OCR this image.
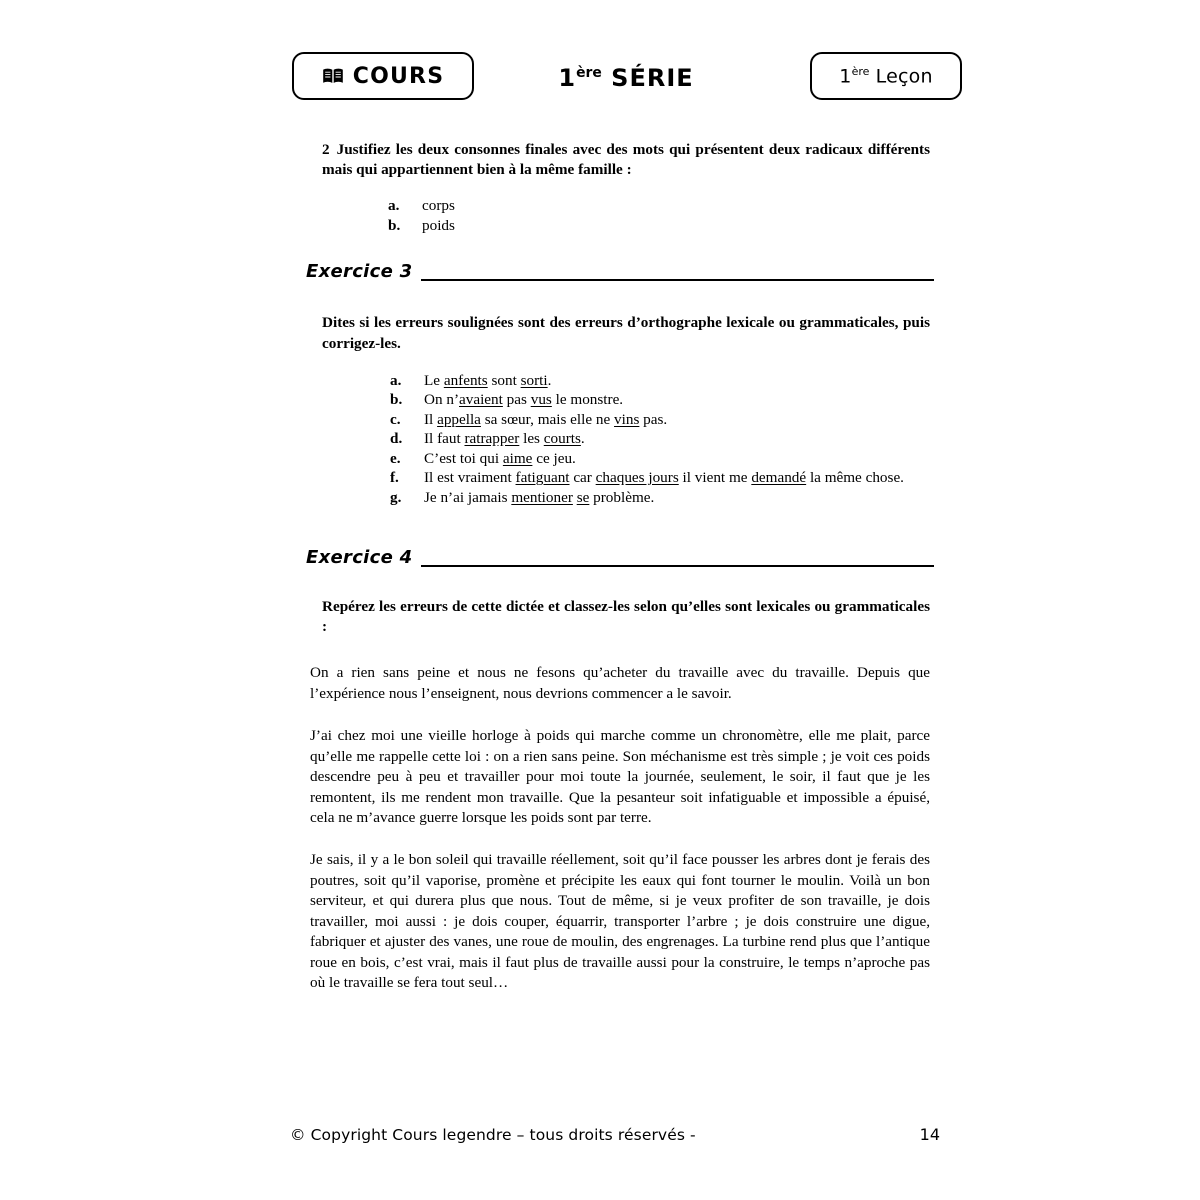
COURS	1ère SÉRIE	1ère Leçon

2 Justifiez les deux consonnes finales avec des mots qui présentent deux radicaux différents mais qui appartiennent bien à la même famille :

a.	corps
b.	poids
Exercice 3

Dites si les erreurs soulignées sont des erreurs d’orthographe lexicale ou grammaticales, puis corrigez-les.

a.	Le anfents sont sorti.
b.	On n’avaient pas vus le monstre.
c.	Il appella sa sœur, mais elle ne vins pas.
d.	Il faut ratrapper les courts.
e.	C’est toi qui aime ce jeu.
f.	Il est vraiment fatiguant car chaques jours il vient me demandé la même chose.
g.	Je n’ai jamais mentioner se problème.
Exercice 4

Repérez les erreurs de cette dictée et classez-les selon qu’elles sont lexicales ou grammaticales :

On a rien sans peine et nous ne fesons qu’acheter du travaille avec du travaille. Depuis que l’expérience nous l’enseignent, nous devrions commencer a le savoir.

J’ai chez moi une vieille horloge à poids qui marche comme un chronomètre, elle me plait, parce qu’elle me rappelle cette loi : on a rien sans peine. Son méchanisme est très simple ; je voit ces poids descendre peu à peu et travailler pour moi toute la journée, seulement, le soir, il faut que je les remontent, ils me rendent mon travaille. Que la pesanteur soit infatiguable et impossible a épuisé, cela ne m’avance guerre lorsque les poids sont par terre.

Je sais, il y a le bon soleil qui travaille réellement, soit qu’il face pousser les arbres dont je ferais des poutres, soit qu’il vaporise, promène et précipite les eaux qui font tourner le moulin. Voilà un bon serviteur, et qui durera plus que nous. Tout de même, si je veux profiter de son travaille, je dois travailler, moi aussi : je dois couper, équarrir, transporter l’arbre ; je dois construire une digue, fabriquer et ajuster des vanes, une roue de moulin, des engrenages. La turbine rend plus que l’antique roue en bois, c’est vrai, mais il faut plus de travaille aussi pour la construire, le temps n’aproche pas où le travaille se fera tout seul…

© Copyright Cours legendre – tous droits réservés -	14
